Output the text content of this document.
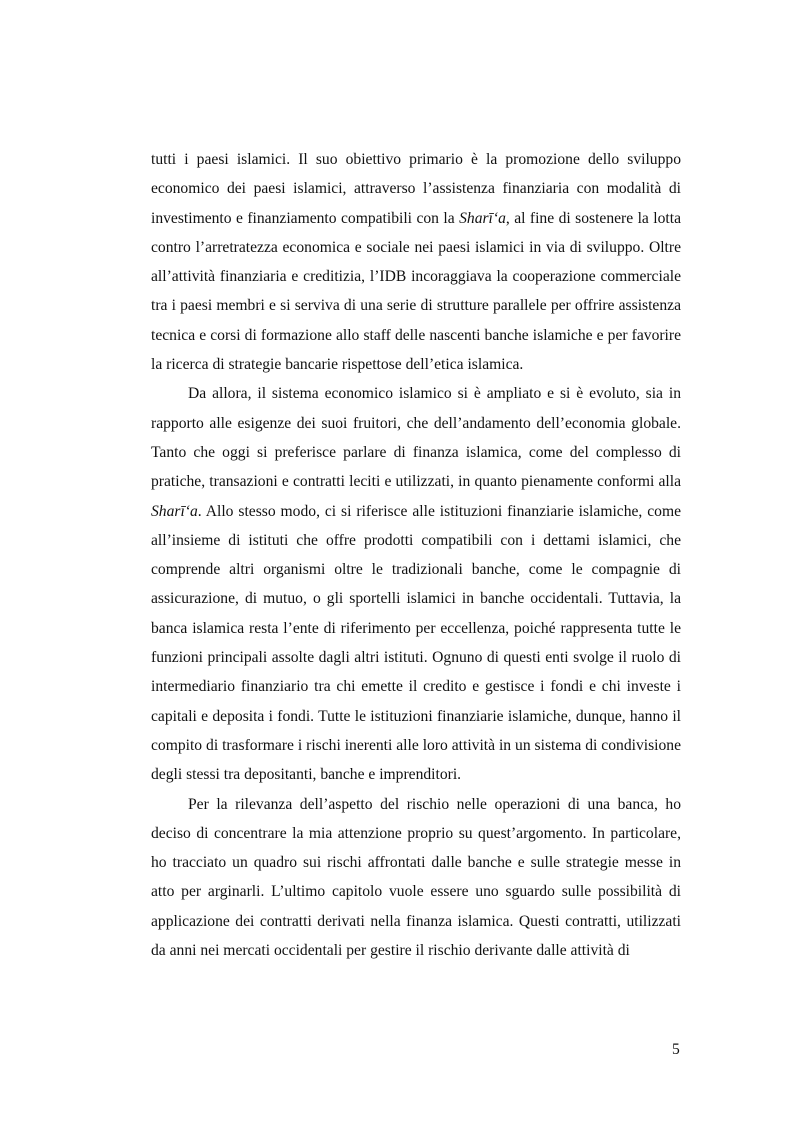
tutti i paesi islamici. Il suo obiettivo primario è la promozione dello sviluppo economico dei paesi islamici, attraverso l’assistenza finanziaria con modalità di investimento e finanziamento compatibili con la Sharī‘a, al fine di sostenere la lotta contro l’arretratezza economica e sociale nei paesi islamici in via di sviluppo. Oltre all’attività finanziaria e creditizia, l’IDB incoraggiava la cooperazione commerciale tra i paesi membri e si serviva di una serie di strutture parallele per offrire assistenza tecnica e corsi di formazione allo staff delle nascenti banche islamiche e per favorire la ricerca di strategie bancarie rispettose dell’etica islamica.

Da allora, il sistema economico islamico si è ampliato e si è evoluto, sia in rapporto alle esigenze dei suoi fruitori, che dell’andamento dell’economia globale. Tanto che oggi si preferisce parlare di finanza islamica, come del complesso di pratiche, transazioni e contratti leciti e utilizzati, in quanto pienamente conformi alla Sharī‘a. Allo stesso modo, ci si riferisce alle istituzioni finanziarie islamiche, come all’insieme di istituti che offre prodotti compatibili con i dettami islamici, che comprende altri organismi oltre le tradizionali banche, come le compagnie di assicurazione, di mutuo, o gli sportelli islamici in banche occidentali. Tuttavia, la banca islamica resta l’ente di riferimento per eccellenza, poiché rappresenta tutte le funzioni principali assolte dagli altri istituti. Ognuno di questi enti svolge il ruolo di intermediario finanziario tra chi emette il credito e gestisce i fondi e chi investe i capitali e deposita i fondi. Tutte le istituzioni finanziarie islamiche, dunque, hanno il compito di trasformare i rischi inerenti alle loro attività in un sistema di condivisione degli stessi tra depositanti, banche e imprenditori.

Per la rilevanza dell’aspetto del rischio nelle operazioni di una banca, ho deciso di concentrare la mia attenzione proprio su quest’argomento. In particolare, ho tracciato un quadro sui rischi affrontati dalle banche e sulle strategie messe in atto per arginarli. L’ultimo capitolo vuole essere uno sguardo sulle possibilità di applicazione dei contratti derivati nella finanza islamica. Questi contratti, utilizzati da anni nei mercati occidentali per gestire il rischio derivante dalle attività di

5
